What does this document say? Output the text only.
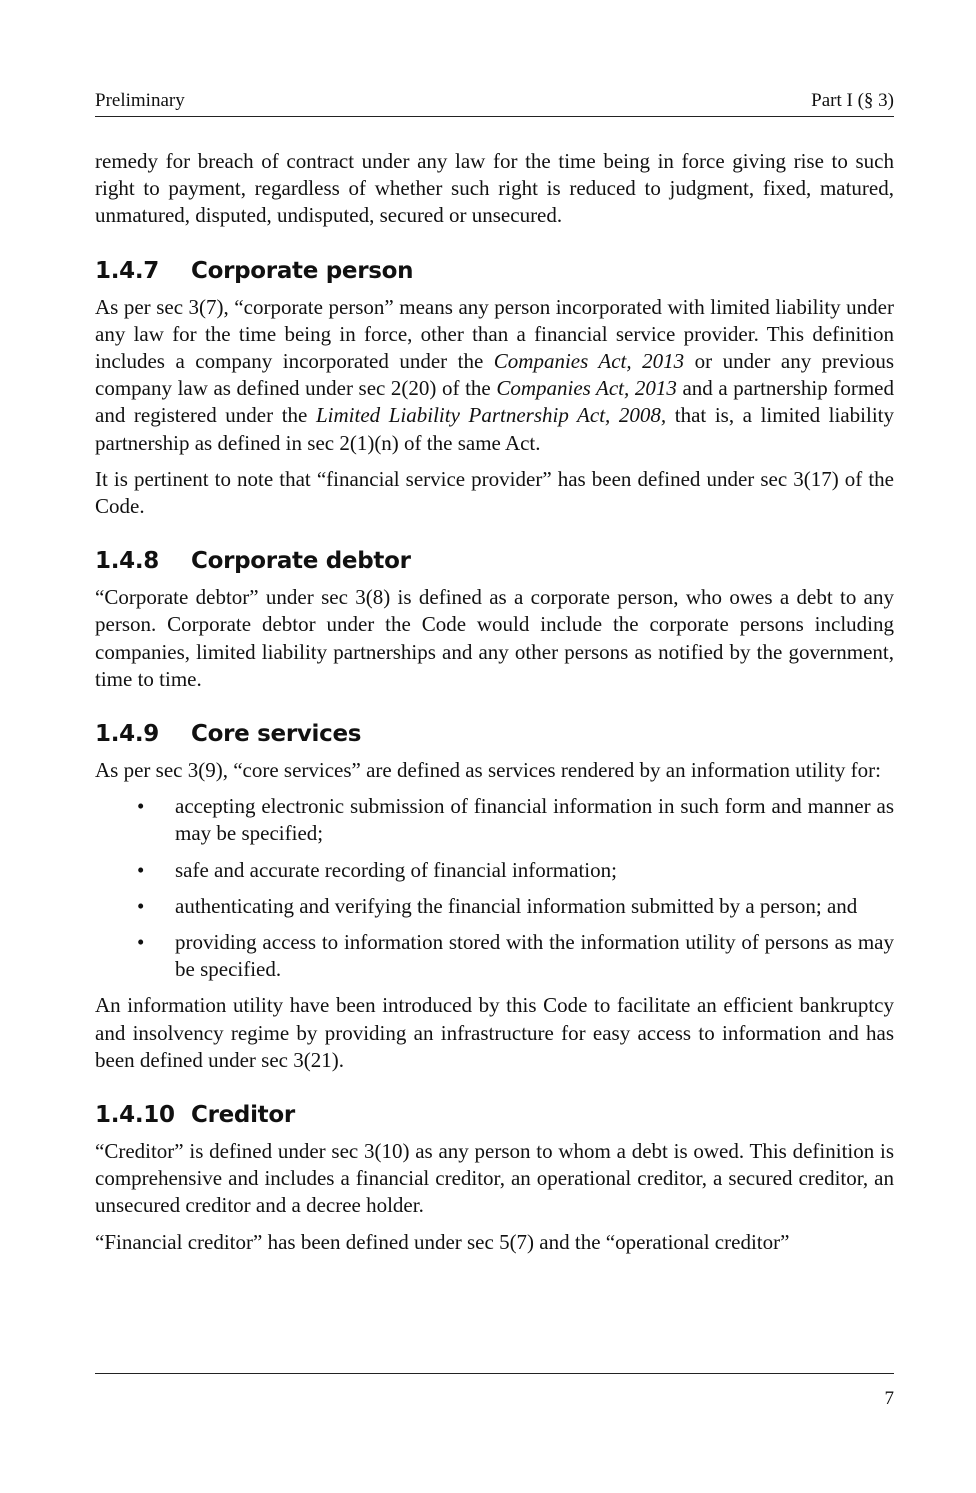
Preliminary	Part I (§ 3)

remedy for breach of contract under any law for the time being in force giving rise to such right to payment, regardless of whether such right is reduced to judgment, fixed, matured, unmatured, disputed, undisputed, secured or unsecured.

1.4.7 Corporate person

As per sec 3(7), “corporate person” means any person incorporated with limited liability under any law for the time being in force, other than a financial service provider. This definition includes a company incorporated under the Companies Act, 2013 or under any previous company law as defined under sec 2(20) of the Companies Act, 2013 and a partnership formed and registered under the Limited Liability Partnership Act, 2008, that is, a limited liability partnership as defined in sec 2(1)(n) of the same Act.

It is pertinent to note that “financial service provider” has been defined under sec 3(17) of the Code.

1.4.8 Corporate debtor

“Corporate debtor” under sec 3(8) is defined as a corporate person, who owes a debt to any person. Corporate debtor under the Code would include the corporate persons including companies, limited liability partnerships and any other persons as notified by the government, time to time.

1.4.9 Core services

As per sec 3(9), “core services” are defined as services rendered by an information utility for:

• accepting electronic submission of financial information in such form and manner as may be specified;
• safe and accurate recording of financial information;
• authenticating and verifying the financial information submitted by a person; and
• providing access to information stored with the information utility of persons as may be specified.

An information utility have been introduced by this Code to facilitate an efficient bankruptcy and insolvency regime by providing an infrastructure for easy access to information and has been defined under sec 3(21).

1.4.10 Creditor

“Creditor” is defined under sec 3(10) as any person to whom a debt is owed. This definition is comprehensive and includes a financial creditor, an operational creditor, a secured creditor, an unsecured creditor and a decree holder.

“Financial creditor” has been defined under sec 5(7) and the “operational creditor”

7
